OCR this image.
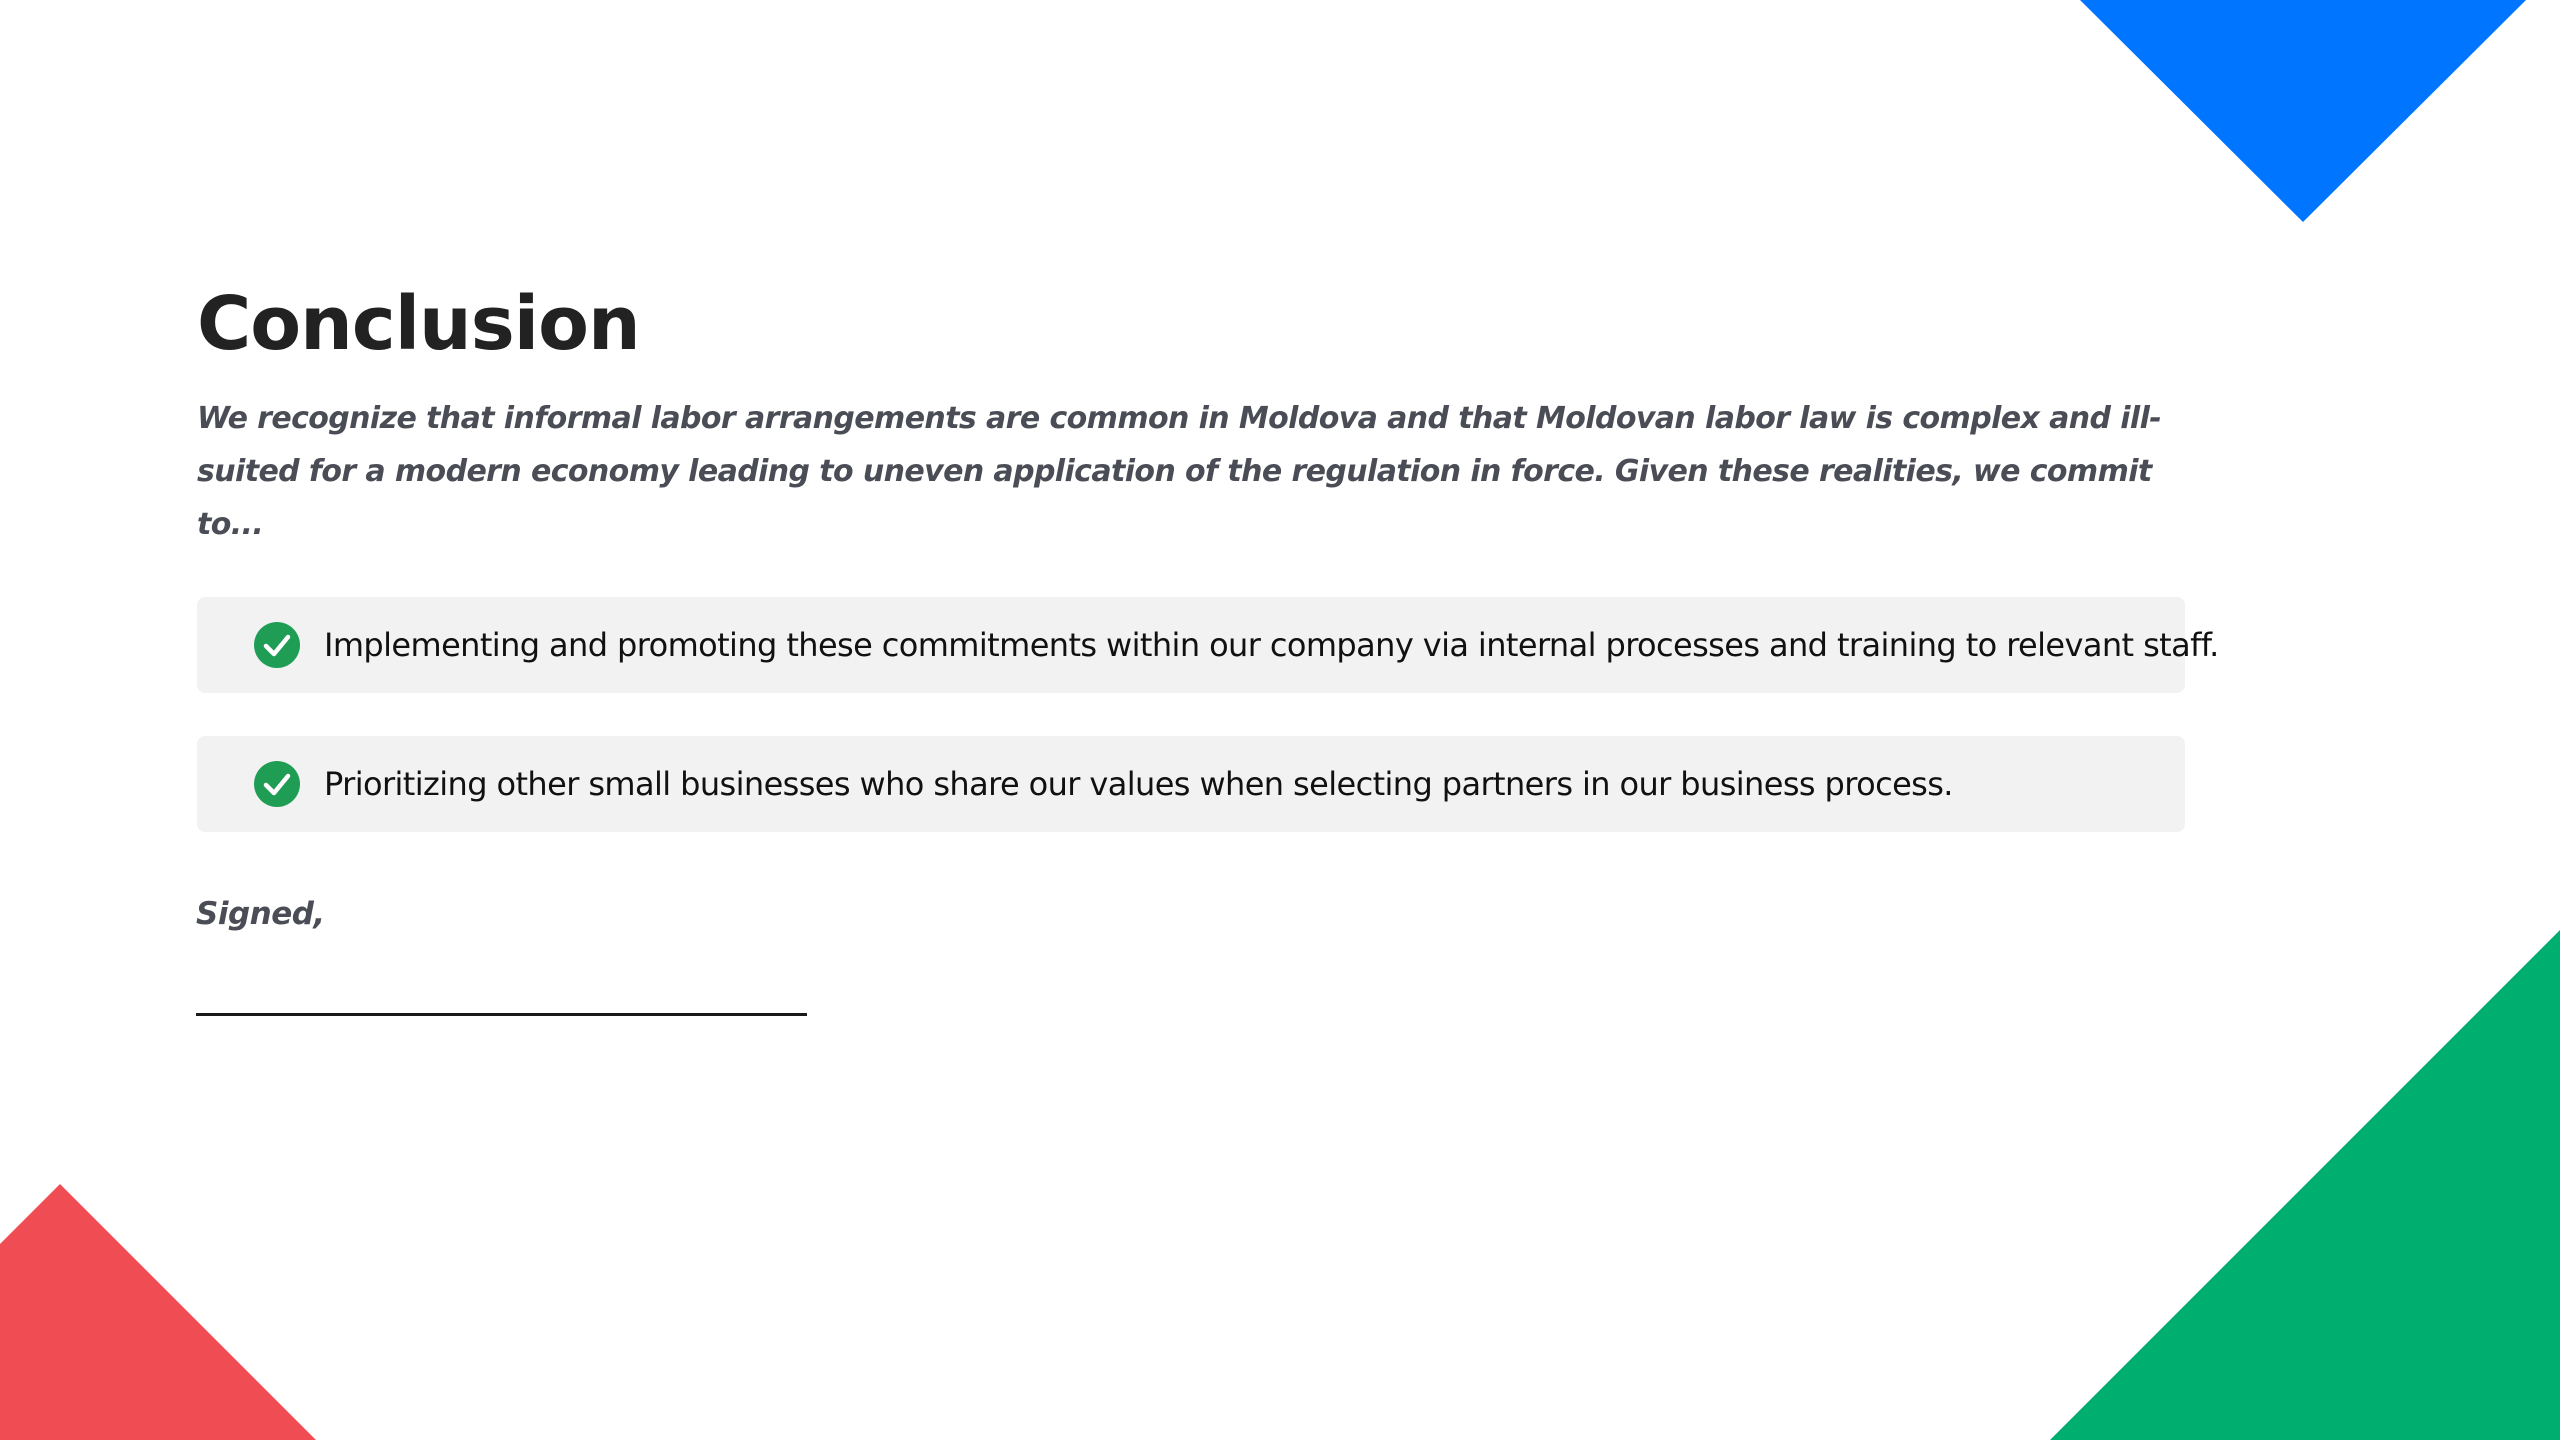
Conclusion

We recognize that informal labor arrangements are common in Moldova and that Moldovan labor law is complex and ill-suited for a modern economy leading to uneven application of the regulation in force. Given these realities, we commit to...

Implementing and promoting these commitments within our company via internal processes and training to relevant staff.
Prioritizing other small businesses who share our values when selecting partners in our business process.
Signed,
